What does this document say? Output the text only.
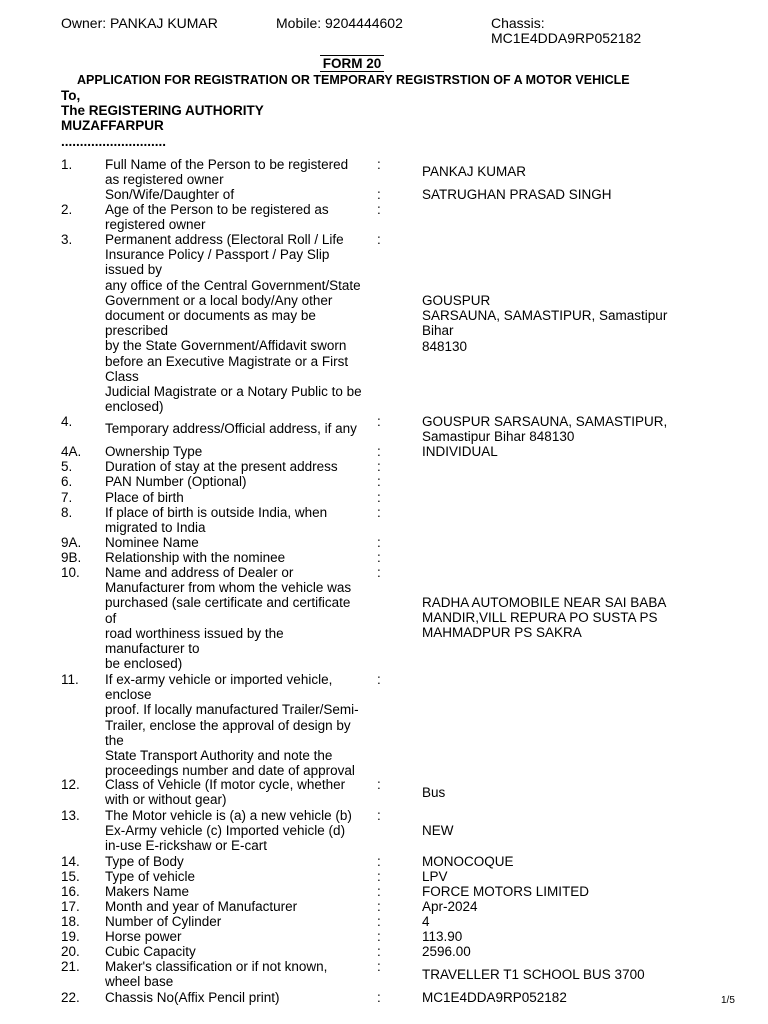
Owner: PANKAJ KUMAR	Mobile: 9204444602	Chassis:
MC1E4DDA9RP052182
FORM 20
APPLICATION FOR REGISTRATION OR TEMPORARY REGISTRSTION OF A MOTOR VEHICLE
To,
The REGISTERING AUTHORITY
MUZAFFARPUR
............................
1. Full Name of the Person to be registered
as registered owner
:	PANKAJ KUMAR
Son/Wife/Daughter of	:	SATRUGHAN PRASAD SINGH
2. Age of the Person to be registered as
registered owner
:
3. Permanent address (Electoral Roll / Life
Insurance Policy / Passport / Pay Slip
issued by
any office of the Central Government/State
Government or a local body/Any other
document or documents as may be
prescribed
by the State Government/Affidavit sworn
before an Executive Magistrate or a First
Class
Judicial Magistrate or a Notary Public to be
enclosed)
:
GOUSPUR
SARSAUNA, SAMASTIPUR, Samastipur
Bihar
848130
4. Temporary address/Official address, if any	:	GOUSPUR SARSAUNA, SAMASTIPUR,
Samastipur Bihar 848130
4A. Ownership Type	:	INDIVIDUAL
5. Duration of stay at the present address	:
6. PAN Number (Optional)	:
7. Place of birth	:
8. If place of birth is outside India, when
migrated to India
:
9A. Nominee Name	:
9B. Relationship with the nominee	:
10. Name and address of Dealer or
Manufacturer from whom the vehicle was
purchased (sale certificate and certificate
of
road worthiness issued by the
manufacturer to
be enclosed)
:
RADHA AUTOMOBILE NEAR SAI BABA
MANDIR,VILL REPURA PO SUSTA PS
MAHMADPUR PS SAKRA
11. If ex-army vehicle or imported vehicle,
enclose
proof. If locally manufactured Trailer/Semi-
Trailer, enclose the approval of design by
the
State Transport Authority and note the
proceedings number and date of approval
:
12. Class of Vehicle (If motor cycle, whether
with or without gear)
:
Bus
13. The Motor vehicle is (a) a new vehicle (b)
Ex-Army vehicle (c) Imported vehicle (d)
in-use E-rickshaw or E-cart
:
NEW
14. Type of Body	:	MONOCOQUE
15. Type of vehicle	:	LPV
16. Makers Name	:	FORCE MOTORS LIMITED
17. Month and year of Manufacturer	:	Apr-2024
18. Number of Cylinder	:	4
19. Horse power	:	113.90
20. Cubic Capacity	:	2596.00
21. Maker's classification or if not known,
wheel base
:
TRAVELLER T1 SCHOOL BUS 3700
22. Chassis No(Affix Pencil print)	:	MC1E4DDA9RP052182	1/5
